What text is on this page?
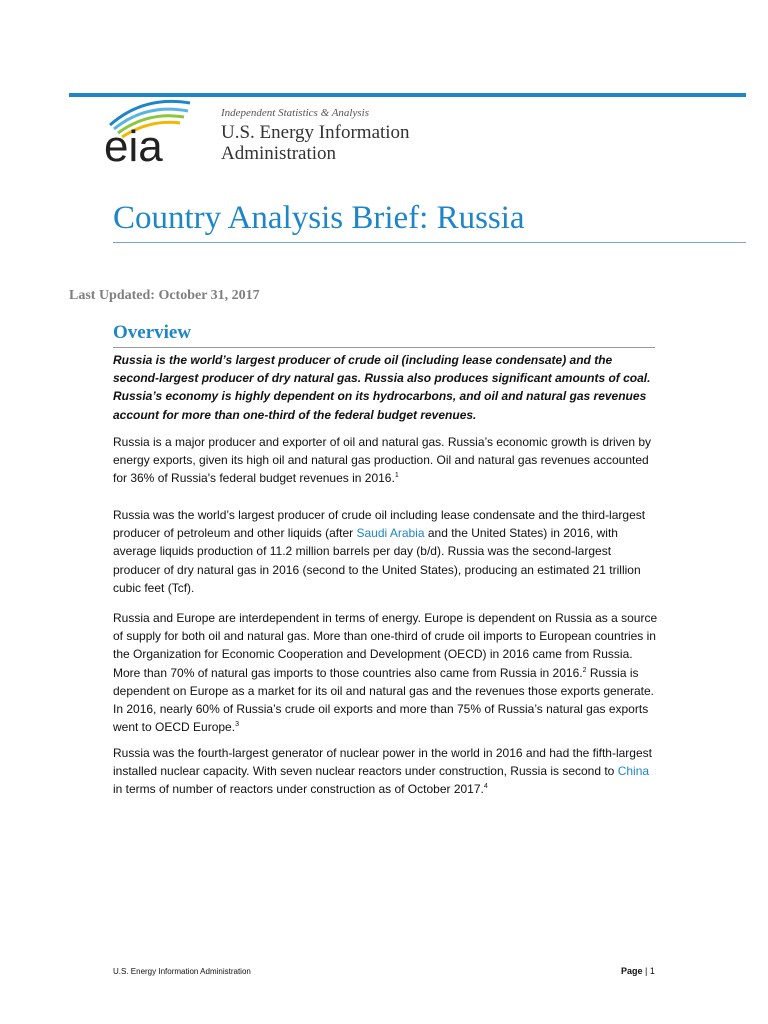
eia
Independent Statistics & Analysis
U.S. Energy Information
Administration
Country Analysis Brief: Russia
Last Updated: October 31, 2017
Overview

Russia is the world’s largest producer of crude oil (including lease condensate) and the second-largest producer of dry natural gas. Russia also produces significant amounts of coal. Russia’s economy is highly dependent on its hydrocarbons, and oil and natural gas revenues account for more than one-third of the federal budget revenues.

Russia is a major producer and exporter of oil and natural gas. Russia’s economic growth is driven by energy exports, given its high oil and natural gas production. Oil and natural gas revenues accounted for 36% of Russia's federal budget revenues in 2016.$^1$

Russia was the world’s largest producer of crude oil including lease condensate and the third-largest producer of petroleum and other liquids (after Saudi Arabia and the United States) in 2016, with average liquids production of 11.2 million barrels per day (b/d). Russia was the second-largest producer of dry natural gas in 2016 (second to the United States), producing an estimated 21 trillion cubic feet (Tcf).

Russia and Europe are interdependent in terms of energy. Europe is dependent on Russia as a source of supply for both oil and natural gas. More than one-third of crude oil imports to European countries in the Organization for Economic Cooperation and Development (OECD) in 2016 came from Russia. More than 70% of natural gas imports to those countries also came from Russia in 2016.$^2$ Russia is dependent on Europe as a market for its oil and natural gas and the revenues those exports generate. In 2016, nearly 60% of Russia’s crude oil exports and more than 75% of Russia’s natural gas exports went to OECD Europe.$^3$

Russia was the fourth-largest generator of nuclear power in the world in 2016 and had the fifth-largest installed nuclear capacity. With seven nuclear reactors under construction, Russia is second to China in terms of number of reactors under construction as of October 2017.$^4$

U.S. Energy Information Administration	Page | 1
